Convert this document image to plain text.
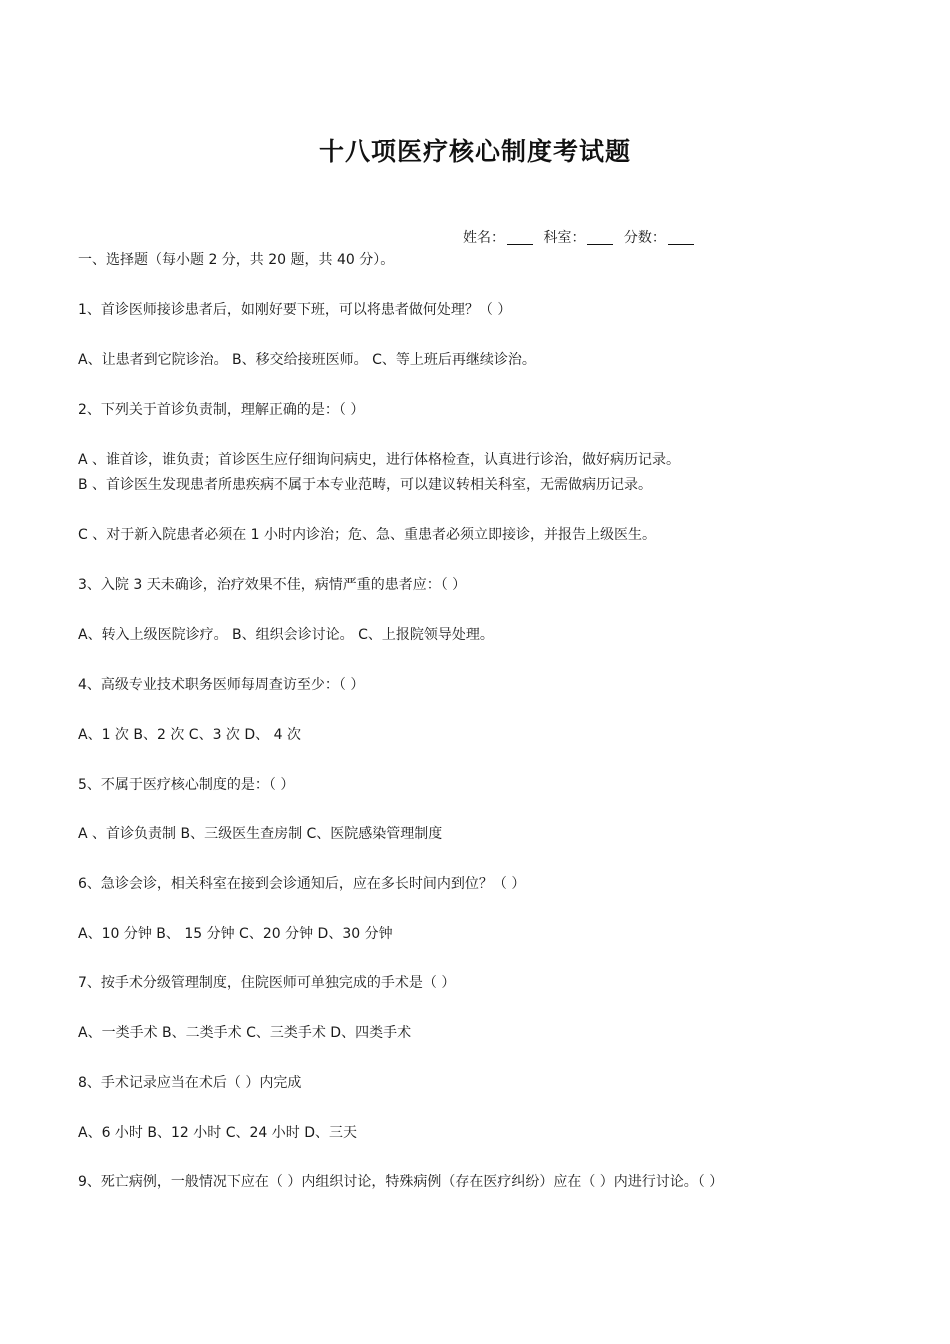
十八项医疗核心制度考试题
姓名：	科室：	分数：
一、选择题（每小题 2 分，共 20 题，共 40 分）。
1、首诊医师接诊患者后，如刚好要下班，可以将患者做何处理？（ ）
A、让患者到它院诊治。 B、移交给接班医师。 C、等上班后再继续诊治。
2、下列关于首诊负责制，理解正确的是：（ ）
A 、谁首诊，谁负责；首诊医生应仔细询问病史，进行体格检查，认真进行诊治，做好病历记录。
B 、首诊医生发现患者所患疾病不属于本专业范畴，可以建议转相关科室，无需做病历记录。
C 、对于新入院患者必须在 1 小时内诊治；危、急、重患者必须立即接诊，并报告上级医生。
3、入院 3 天未确诊，治疗效果不佳，病情严重的患者应：（ ）
A、转入上级医院诊疗。 B、组织会诊讨论。 C、上报院领导处理。
4、高级专业技术职务医师每周查访至少：（ ）
A、1 次 B、2 次 C、3 次 D、 4 次
5、不属于医疗核心制度的是：（ ）
A 、首诊负责制 B、三级医生查房制 C、医院感染管理制度
6、急诊会诊，相关科室在接到会诊通知后，应在多长时间内到位？（ ）
A、10 分钟 B、 15 分钟 C、20 分钟 D、30 分钟
7、按手术分级管理制度，住院医师可单独完成的手术是（ ）
A、一类手术 B、二类手术 C、三类手术 D、四类手术
8、手术记录应当在术后（ ）内完成
A、6 小时 B、12 小时 C、24 小时 D、三天
9、死亡病例，一般情况下应在（ ）内组织讨论，特殊病例（存在医疗纠纷）应在（ ）内进行讨论。（ ）
